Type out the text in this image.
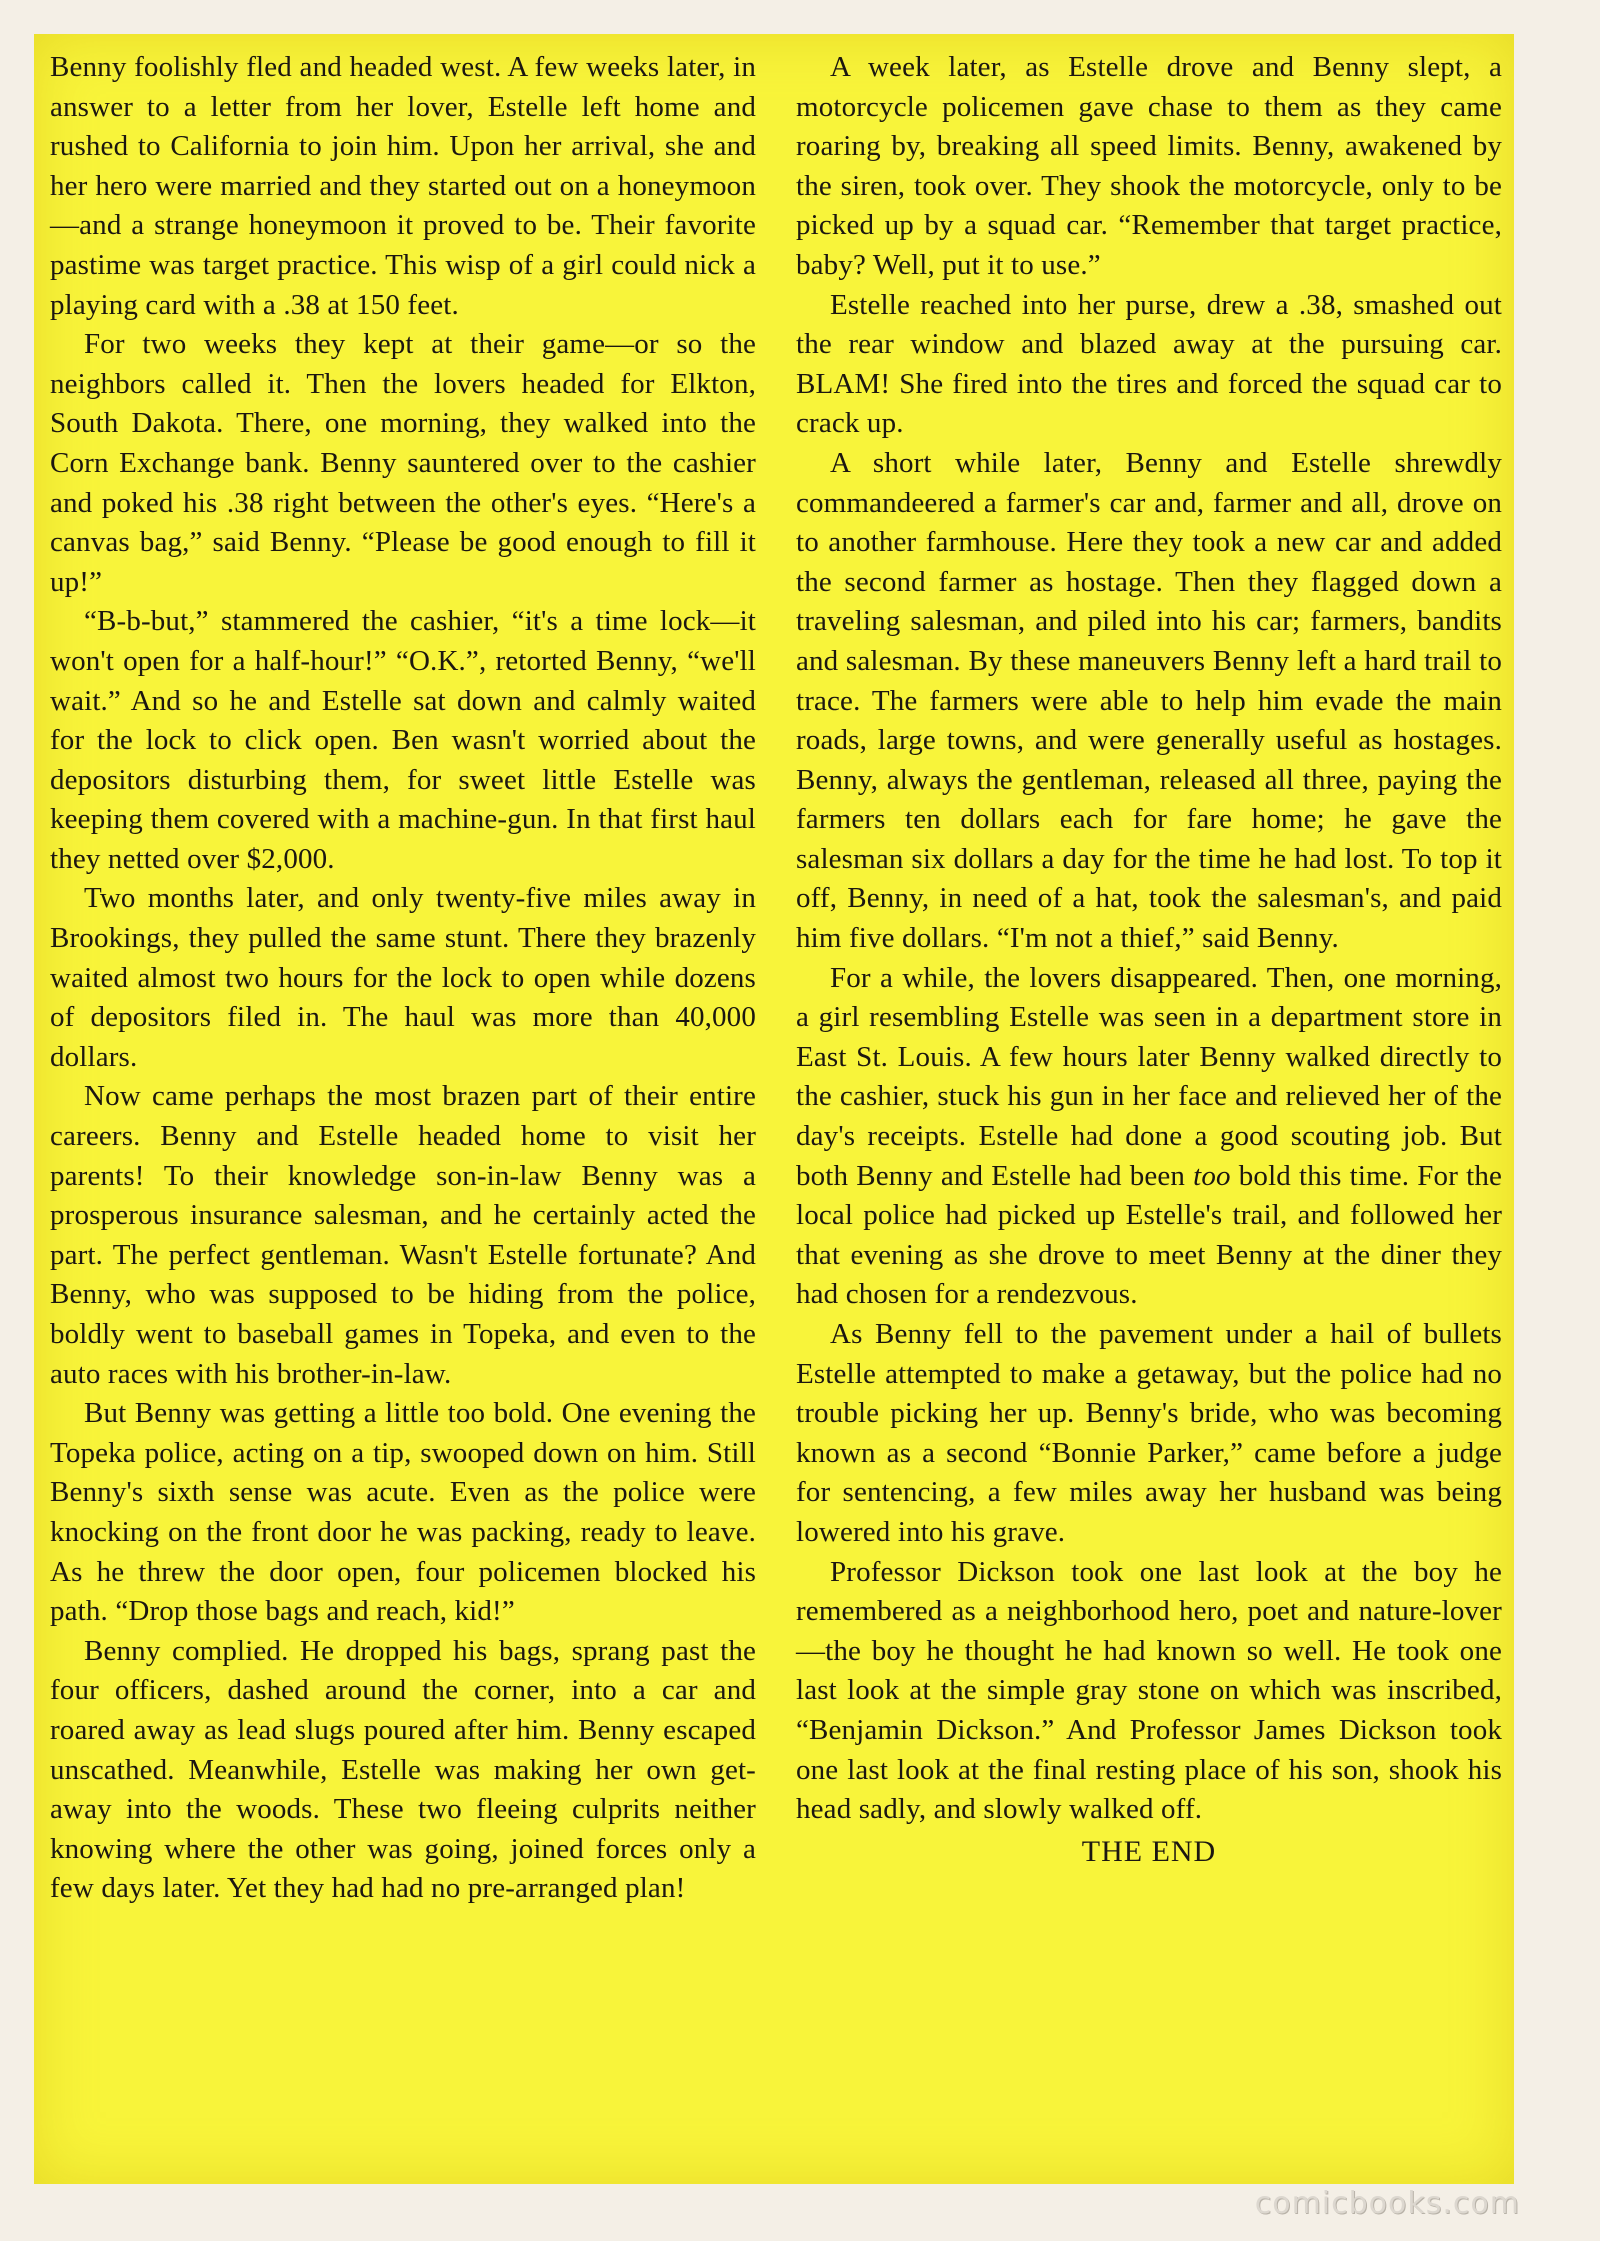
Benny foolishly fled and headed west. A few weeks later, in answer to a letter from her lover, Estelle left home and rushed to California to join him. Upon her arrival, she and her hero were married and they started out on a honeymoon—and a strange honeymoon it proved to be. Their favorite pastime was target practice. This wisp of a girl could nick a playing card with a .38 at 150 feet.

For two weeks they kept at their game—or so the neighbors called it. Then the lovers headed for Elkton, South Dakota. There, one morning, they walked into the Corn Exchange bank. Benny sauntered over to the cashier and poked his .38 right between the other's eyes. “Here's a canvas bag,” said Benny. “Please be good enough to fill it up!”

“B-b-but,” stammered the cashier, “it's a time lock—it won't open for a half-hour!” “O.K.”, retorted Benny, “we'll wait.” And so he and Estelle sat down and calmly waited for the lock to click open. Ben wasn't worried about the depositors disturbing them, for sweet little Estelle was keeping them covered with a machine-gun. In that first haul they netted over $2,000.

Two months later, and only twenty-five miles away in Brookings, they pulled the same stunt. There they brazenly waited almost two hours for the lock to open while dozens of depositors filed in. The haul was more than 40,000 dollars.

Now came perhaps the most brazen part of their entire careers. Benny and Estelle headed home to visit her parents! To their knowledge son-in-law Benny was a prosperous insurance salesman, and he certainly acted the part. The perfect gentleman. Wasn't Estelle fortunate? And Benny, who was supposed to be hiding from the police, boldly went to baseball games in Topeka, and even to the auto races with his brother-in-law.

But Benny was getting a little too bold. One evening the Topeka police, acting on a tip, swooped down on him. Still Benny's sixth sense was acute. Even as the police were knocking on the front door he was packing, ready to leave. As he threw the door open, four policemen blocked his path. “Drop those bags and reach, kid!”

Benny complied. He dropped his bags, sprang past the four officers, dashed around the corner, into a car and roared away as lead slugs poured after him. Benny escaped unscathed. Meanwhile, Estelle was making her own get-away into the woods. These two fleeing culprits neither knowing where the other was going, joined forces only a few days later. Yet they had had no pre-arranged plan!

A week later, as Estelle drove and Benny slept, a motorcycle policemen gave chase to them as they came roaring by, breaking all speed limits. Benny, awakened by the siren, took over. They shook the motorcycle, only to be picked up by a squad car. “Remember that target practice, baby? Well, put it to use.”

Estelle reached into her purse, drew a .38, smashed out the rear window and blazed away at the pursuing car. BLAM! She fired into the tires and forced the squad car to crack up.

A short while later, Benny and Estelle shrewdly commandeered a farmer's car and, farmer and all, drove on to another farmhouse. Here they took a new car and added the second farmer as hostage. Then they flagged down a traveling salesman, and piled into his car; farmers, bandits and salesman. By these maneuvers Benny left a hard trail to trace. The farmers were able to help him evade the main roads, large towns, and were generally useful as hostages. Benny, always the gentleman, released all three, paying the farmers ten dollars each for fare home; he gave the salesman six dollars a day for the time he had lost. To top it off, Benny, in need of a hat, took the salesman's, and paid him five dollars. “I'm not a thief,” said Benny.

For a while, the lovers disappeared. Then, one morning, a girl resembling Estelle was seen in a department store in East St. Louis. A few hours later Benny walked directly to the cashier, stuck his gun in her face and relieved her of the day's receipts. Estelle had done a good scouting job. But both Benny and Estelle had been too bold this time. For the local police had picked up Estelle's trail, and followed her that evening as she drove to meet Benny at the diner they had chosen for a rendezvous.

As Benny fell to the pavement under a hail of bullets Estelle attempted to make a getaway, but the police had no trouble picking her up. Benny's bride, who was becoming known as a second “Bonnie Parker,” came before a judge for sentencing, a few miles away her husband was being lowered into his grave.

Professor Dickson took one last look at the boy he remembered as a neighborhood hero, poet and nature-lover—the boy he thought he had known so well. He took one last look at the simple gray stone on which was inscribed, “Benjamin Dickson.” And Professor James Dickson took one last look at the final resting place of his son, shook his head sadly, and slowly walked off.

THE END

comicbooks.com
